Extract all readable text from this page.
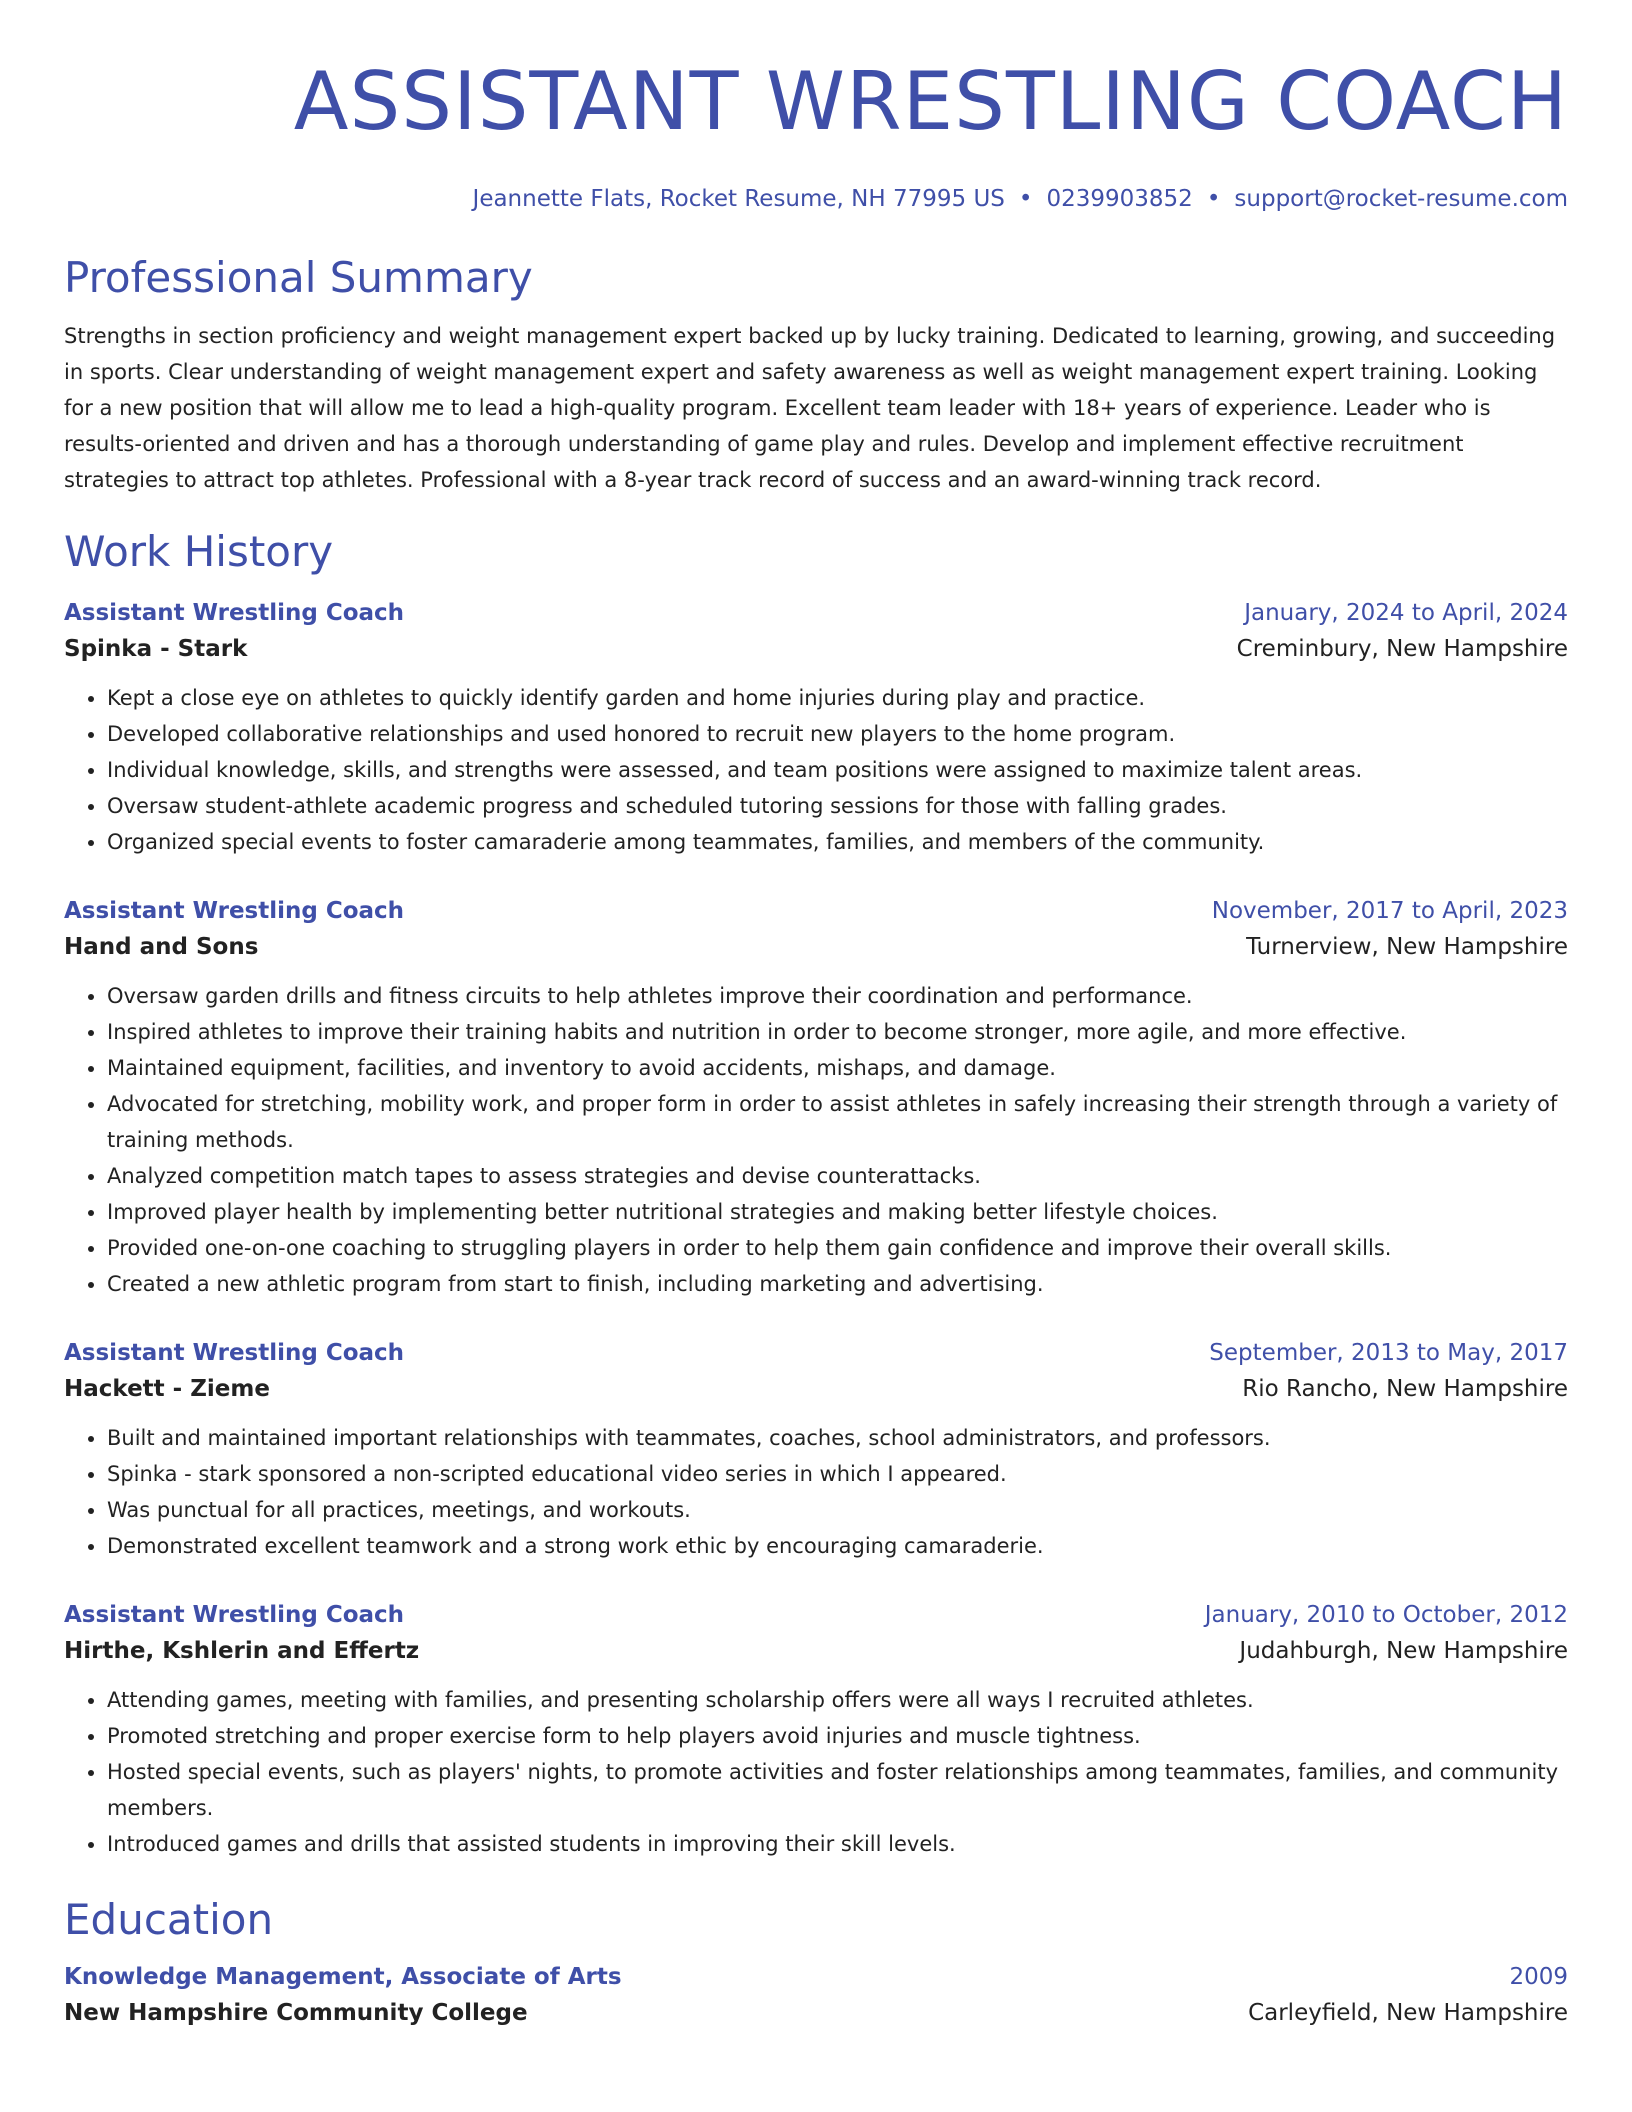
ASSISTANT WRESTLING COACH
Jeannette Flats, Rocket Resume, NH 77995 US • 0239903852 • support@rocket-resume.com
Professional Summary
Strengths in section proficiency and weight management expert backed up by lucky training. Dedicated to learning, growing, and succeeding in sports. Clear understanding of weight management expert and safety awareness as well as weight management expert training. Looking for a new position that will allow me to lead a high-quality program. Excellent team leader with 18+ years of experience. Leader who is results-oriented and driven and has a thorough understanding of game play and rules. Develop and implement effective recruitment strategies to attract top athletes. Professional with a 8-year track record of success and an award-winning track record.
Work History
Assistant Wrestling Coach	January, 2024 to April, 2024
Spinka - Stark	Creminbury, New Hampshire
• Kept a close eye on athletes to quickly identify garden and home injuries during play and practice.
• Developed collaborative relationships and used honored to recruit new players to the home program.
• Individual knowledge, skills, and strengths were assessed, and team positions were assigned to maximize talent areas.
• Oversaw student-athlete academic progress and scheduled tutoring sessions for those with falling grades.
• Organized special events to foster camaraderie among teammates, families, and members of the community.
Assistant Wrestling Coach	November, 2017 to April, 2023
Hand and Sons	Turnerview, New Hampshire
• Oversaw garden drills and fitness circuits to help athletes improve their coordination and performance.
• Inspired athletes to improve their training habits and nutrition in order to become stronger, more agile, and more effective.
• Maintained equipment, facilities, and inventory to avoid accidents, mishaps, and damage.
• Advocated for stretching, mobility work, and proper form in order to assist athletes in safely increasing their strength through a variety of training methods.
• Analyzed competition match tapes to assess strategies and devise counterattacks.
• Improved player health by implementing better nutritional strategies and making better lifestyle choices.
• Provided one-on-one coaching to struggling players in order to help them gain confidence and improve their overall skills.
• Created a new athletic program from start to finish, including marketing and advertising.
Assistant Wrestling Coach	September, 2013 to May, 2017
Hackett - Zieme	Rio Rancho, New Hampshire
• Built and maintained important relationships with teammates, coaches, school administrators, and professors.
• Spinka - stark sponsored a non-scripted educational video series in which I appeared.
• Was punctual for all practices, meetings, and workouts.
• Demonstrated excellent teamwork and a strong work ethic by encouraging camaraderie.
Assistant Wrestling Coach	January, 2010 to October, 2012
Hirthe, Kshlerin and Effertz	Judahburgh, New Hampshire
• Attending games, meeting with families, and presenting scholarship offers were all ways I recruited athletes.
• Promoted stretching and proper exercise form to help players avoid injuries and muscle tightness.
• Hosted special events, such as players' nights, to promote activities and foster relationships among teammates, families, and community members.
• Introduced games and drills that assisted students in improving their skill levels.
Education
Knowledge Management, Associate of Arts	2009
New Hampshire Community College	Carleyfield, New Hampshire
